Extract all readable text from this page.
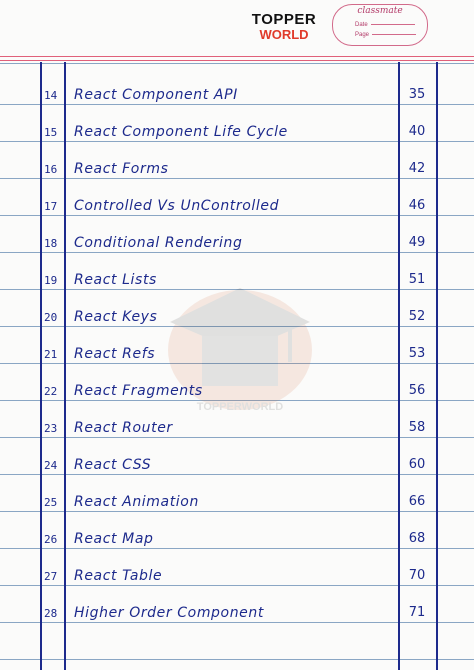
TOPPER
WORLD
classmate
Date
Page
TOPPERWORLD
14 React Component API	35
15 React Component Life Cycle	40
16 React Forms	42
17 Controlled Vs UnControlled	46
18 Conditional Rendering	49
19 React Lists	51
20 React Keys	52
21 React Refs	53
22 React Fragments	56
23 React Router	58
24 React CSS	60
25 React Animation	66
26 React Map	68
27 React Table	70
28 Higher Order Component	71
